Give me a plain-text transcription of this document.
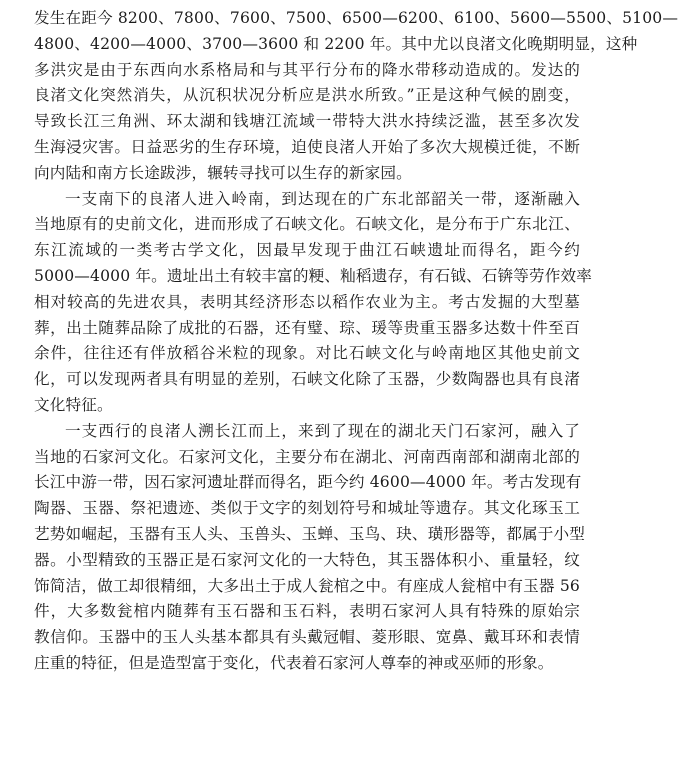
发生在距今 8200、7800、7600、7500、6500—6200、6100、5600—5500、5100—
4800、4200—4000、3700—3600 和 2200 年。其中尤以良渚文化晚期明显，这种
多洪灾是由于东西向水系格局和与其平行分布的降水带移动造成的。发达的
良渚文化突然消失，从沉积状况分析应是洪水所致。”正是这种气候的剧变，
导致长江三角洲、环太湖和钱塘江流域一带特大洪水持续泛滥，甚至多次发
生海浸灾害。日益恶劣的生存环境，迫使良渚人开始了多次大规模迁徙，不断
向内陆和南方长途跋涉，辗转寻找可以生存的新家园。
一支南下的良渚人进入岭南，到达现在的广东北部韶关一带，逐渐融入
当地原有的史前文化，进而形成了石峡文化。石峡文化，是分布于广东北江、
东江流域的一类考古学文化，因最早发现于曲江石峡遗址而得名，距今约
5000—4000 年。遗址出土有较丰富的粳、籼稻遗存，有石钺、石锛等劳作效率
相对较高的先进农具，表明其经济形态以稻作农业为主。考古发掘的大型墓
葬，出土随葬品除了成批的石器，还有璧、琮、瑗等贵重玉器多达数十件至百
余件，往往还有伴放稻谷米粒的现象。对比石峡文化与岭南地区其他史前文
化，可以发现两者具有明显的差别，石峡文化除了玉器，少数陶器也具有良渚
文化特征。
一支西行的良渚人溯长江而上，来到了现在的湖北天门石家河，融入了
当地的石家河文化。石家河文化，主要分布在湖北、河南西南部和湖南北部的
长江中游一带，因石家河遗址群而得名，距今约 4600—4000 年。考古发现有
陶器、玉器、祭祀遗迹、类似于文字的刻划符号和城址等遗存。其文化琢玉工
艺势如崛起，玉器有玉人头、玉兽头、玉蝉、玉鸟、玦、璜形器等，都属于小型
器。小型精致的玉器正是石家河文化的一大特色，其玉器体积小、重量轻，纹
饰简洁，做工却很精细，大多出土于成人瓮棺之中。有座成人瓮棺中有玉器 56
件，大多数瓮棺内随葬有玉石器和玉石料，表明石家河人具有特殊的原始宗
教信仰。玉器中的玉人头基本都具有头戴冠帽、菱形眼、宽鼻、戴耳环和表情
庄重的特征，但是造型富于变化，代表着石家河人尊奉的神或巫师的形象。
